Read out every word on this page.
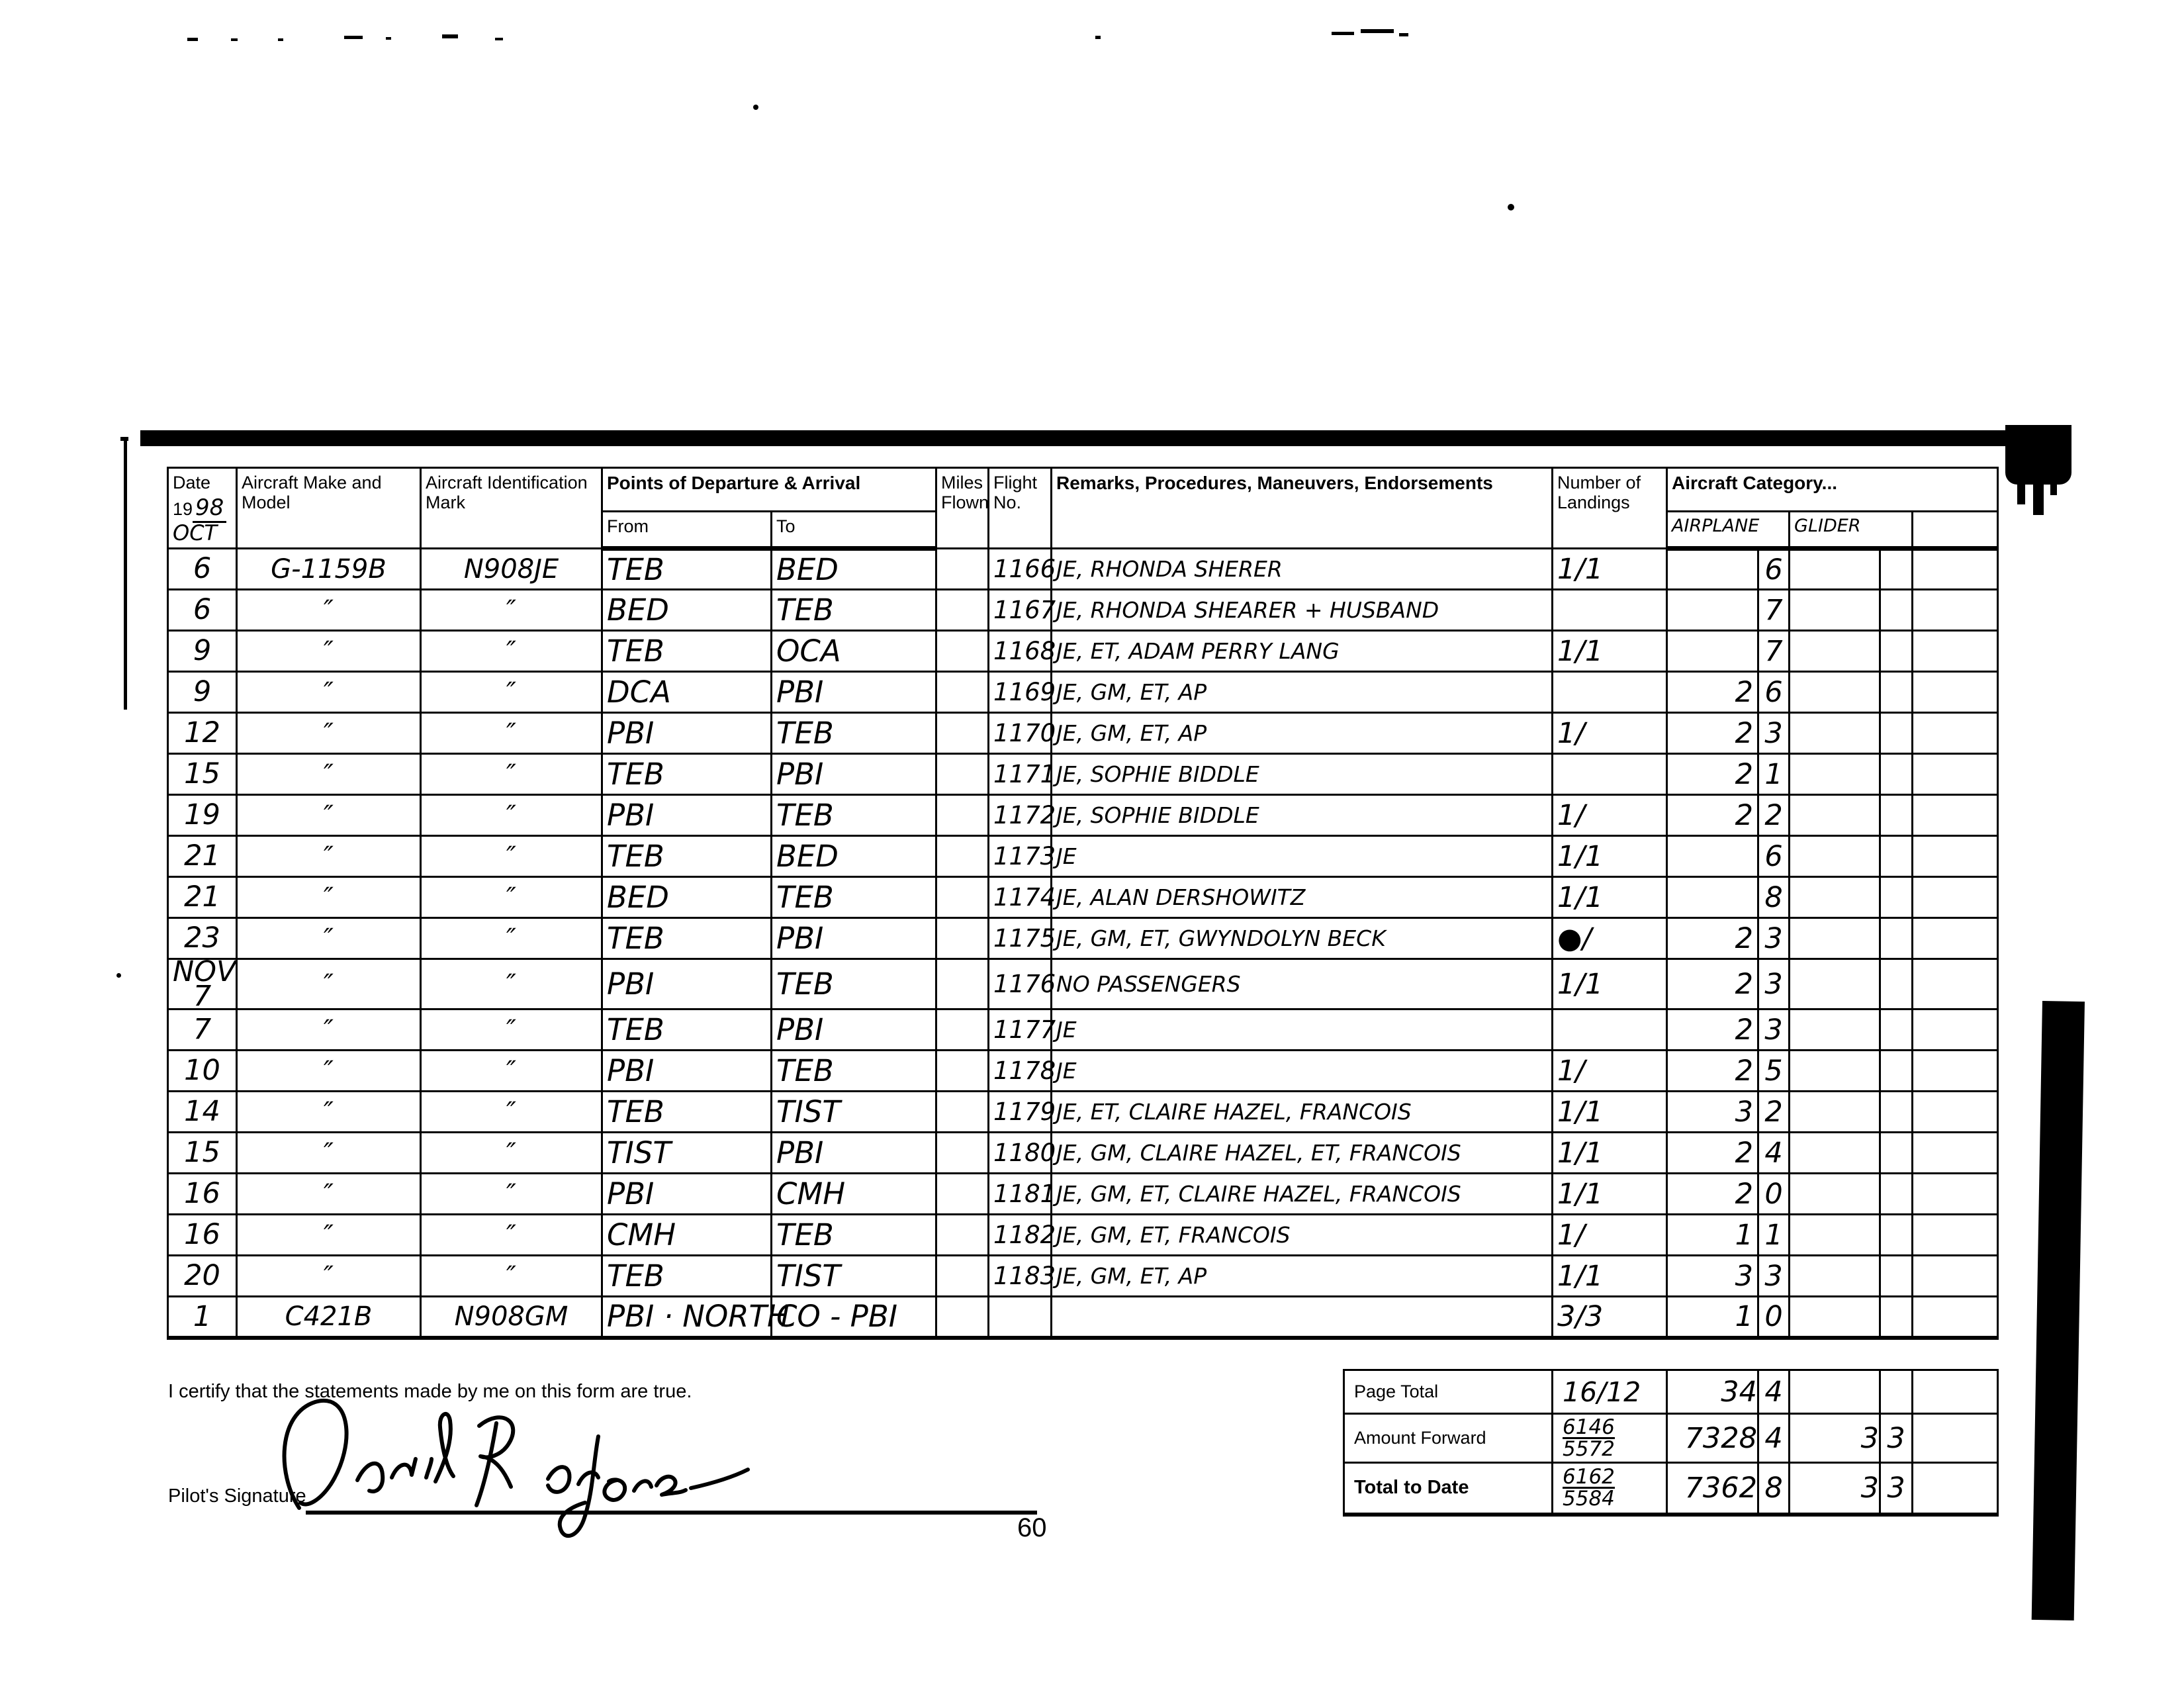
Date
19 98
OCT	Aircraft Make and Model	Aircraft Identification Mark	Points of Departure & Arrival		Miles Flown	Flight No.	Remarks, Procedures, Maneuvers, Endorsements	Number of Landings	Aircraft Category...				
			From	To					AIRPLANE		GLIDER		
6	G-1159B	N908JE	TEB	BED		1166	JE, RHONDA SHERER	1/1		6			
6	″	″	BED	TEB		1167	JE, RHONDA SHEARER + HUSBAND			7			
9	″	″	TEB	OCA		1168	JE, ET, ADAM PERRY LANG	1/1		7			
9	″	″	DCA	PBI		1169	JE, GM, ET, AP		2	6			
12	″	″	PBI	TEB		1170	JE, GM, ET, AP	1/	2	3			
15	″	″	TEB	PBI		1171	JE, SOPHIE BIDDLE		2	1			
19	″	″	PBI	TEB		1172	JE, SOPHIE BIDDLE	1/	2	2			
21	″	″	TEB	BED		1173	JE	1/1		6			
21	″	″	BED	TEB		1174	JE, ALAN DERSHOWITZ	1/1		8			
23	″	″	TEB	PBI		1175	JE, GM, ET, GWYNDOLYN BECK	●/	2	3			
NOV 7	″	″	PBI	TEB		1176	NO PASSENGERS	1/1	2	3			
7	″	″	TEB	PBI		1177	JE		2	3			
10	″	″	PBI	TEB		1178	JE	1/	2	5			
14	″	″	TEB	TIST		1179	JE, ET, CLAIRE HAZEL, FRANCOIS	1/1	3	2			
15	″	″	TIST	PBI		1180	JE, GM, CLAIRE HAZEL, ET, FRANCOIS	1/1	2	4			
16	″	″	PBI	CMH		1181	JE, GM, ET, CLAIRE HAZEL, FRANCOIS	1/1	2	0			
16	″	″	CMH	TEB		1182	JE, GM, ET, FRANCOIS	1/	1	1			
20	″	″	TEB	TIST		1183	JE, GM, ET, AP	1/1	3	3			
1	C421B	N908GM	PBI · NORTH	CO - PBI				3/3	1	0			
Page Total	16/12	34	4			
Amount Forward	6146
5572	7328	4	3	3	
Total to Date	6162
5584	7362	8	3	3	
I certify that the statements made by me on this form are true.
Pilot's Signature
60
